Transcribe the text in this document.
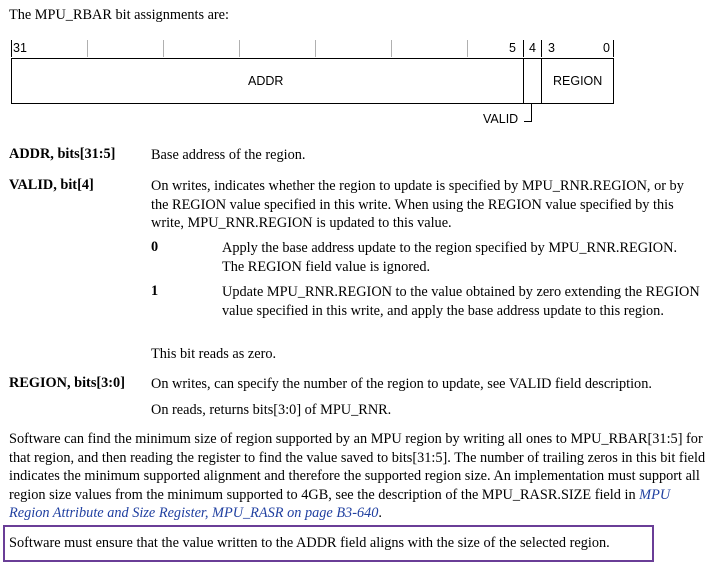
The MPU_RBAR bit assignments are:
31	5 4 3	0
ADDR	REGION
VALID
ADDR, bits[31:5] Base address of the region.
VALID, bit[4]	On writes, indicates whether the region to update is specified by MPU_RNR.REGION, or by the REGION value specified in this write. When using the REGION value specified by this write, MPU_RNR.REGION is updated to this value.
0	Apply the base address update to the region specified by MPU_RNR.REGION. The REGION field value is ignored.
1	Update MPU_RNR.REGION to the value obtained by zero extending the REGION value specified in this write, and apply the base address update to this region.
This bit reads as zero.
REGION, bits[3:0] On writes, can specify the number of the region to update, see VALID field description.
On reads, returns bits[3:0] of MPU_RNR.
Software can find the minimum size of region supported by an MPU region by writing all ones to MPU_RBAR[31:5] for that region, and then reading the register to find the value saved to bits[31:5]. The number of trailing zeros in this bit field indicates the minimum supported alignment and therefore the supported region size. An implementation must support all region size values from the minimum supported to 4GB, see the description of the MPU_RASR.SIZE field in MPU Region Attribute and Size Register, MPU_RASR on page B3-640.
Software must ensure that the value written to the ADDR field aligns with the size of the selected region.
